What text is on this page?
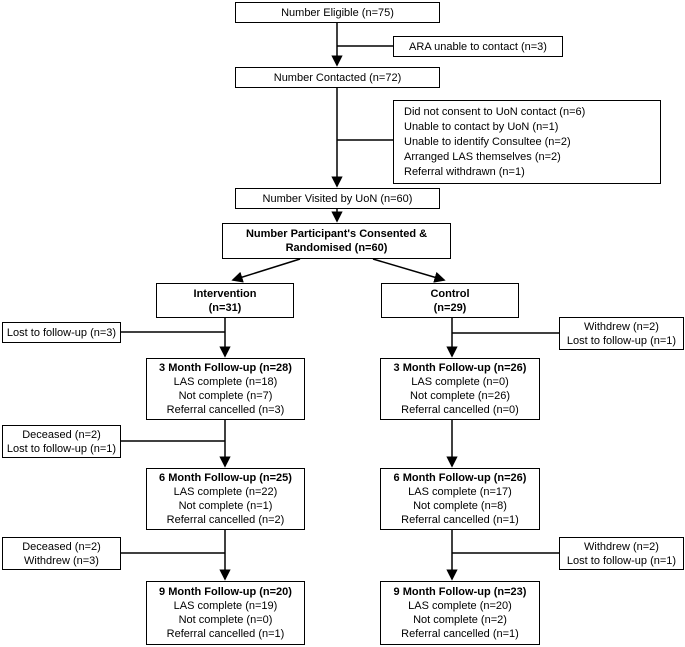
Number Eligible (n=75)
ARA unable to contact (n=3)
Number Contacted (n=72)
Did not consent to UoN contact (n=6)
Unable to contact by UoN (n=1)
Unable to identify Consultee (n=2)
Arranged LAS themselves (n=2)
Referral withdrawn (n=1)
Number Visited by UoN (n=60)
Number Participant's Consented &
Randomised (n=60)
Intervention
(n=31)
Control
(n=29)
Lost to follow-up (n=3)	Withdrew (n=2)
Lost to follow-up (n=1)
3 Month Follow-up (n=28)
LAS complete (n=18)
Not complete (n=7)
Referral cancelled (n=3)
3 Month Follow-up (n=26)
LAS complete (n=0)
Not complete (n=26)
Referral cancelled (n=0)
Deceased (n=2)
Lost to follow-up (n=1)
6 Month Follow-up (n=25)
LAS complete (n=22)
Not complete (n=1)
Referral cancelled (n=2)
6 Month Follow-up (n=26)
LAS complete (n=17)
Not complete (n=8)
Referral cancelled (n=1)
Deceased (n=2)
Withdrew (n=3)
Withdrew (n=2)
Lost to follow-up (n=1)
9 Month Follow-up (n=20)
LAS complete (n=19)
Not complete (n=0)
Referral cancelled (n=1)
9 Month Follow-up (n=23)
LAS complete (n=20)
Not complete (n=2)
Referral cancelled (n=1)
